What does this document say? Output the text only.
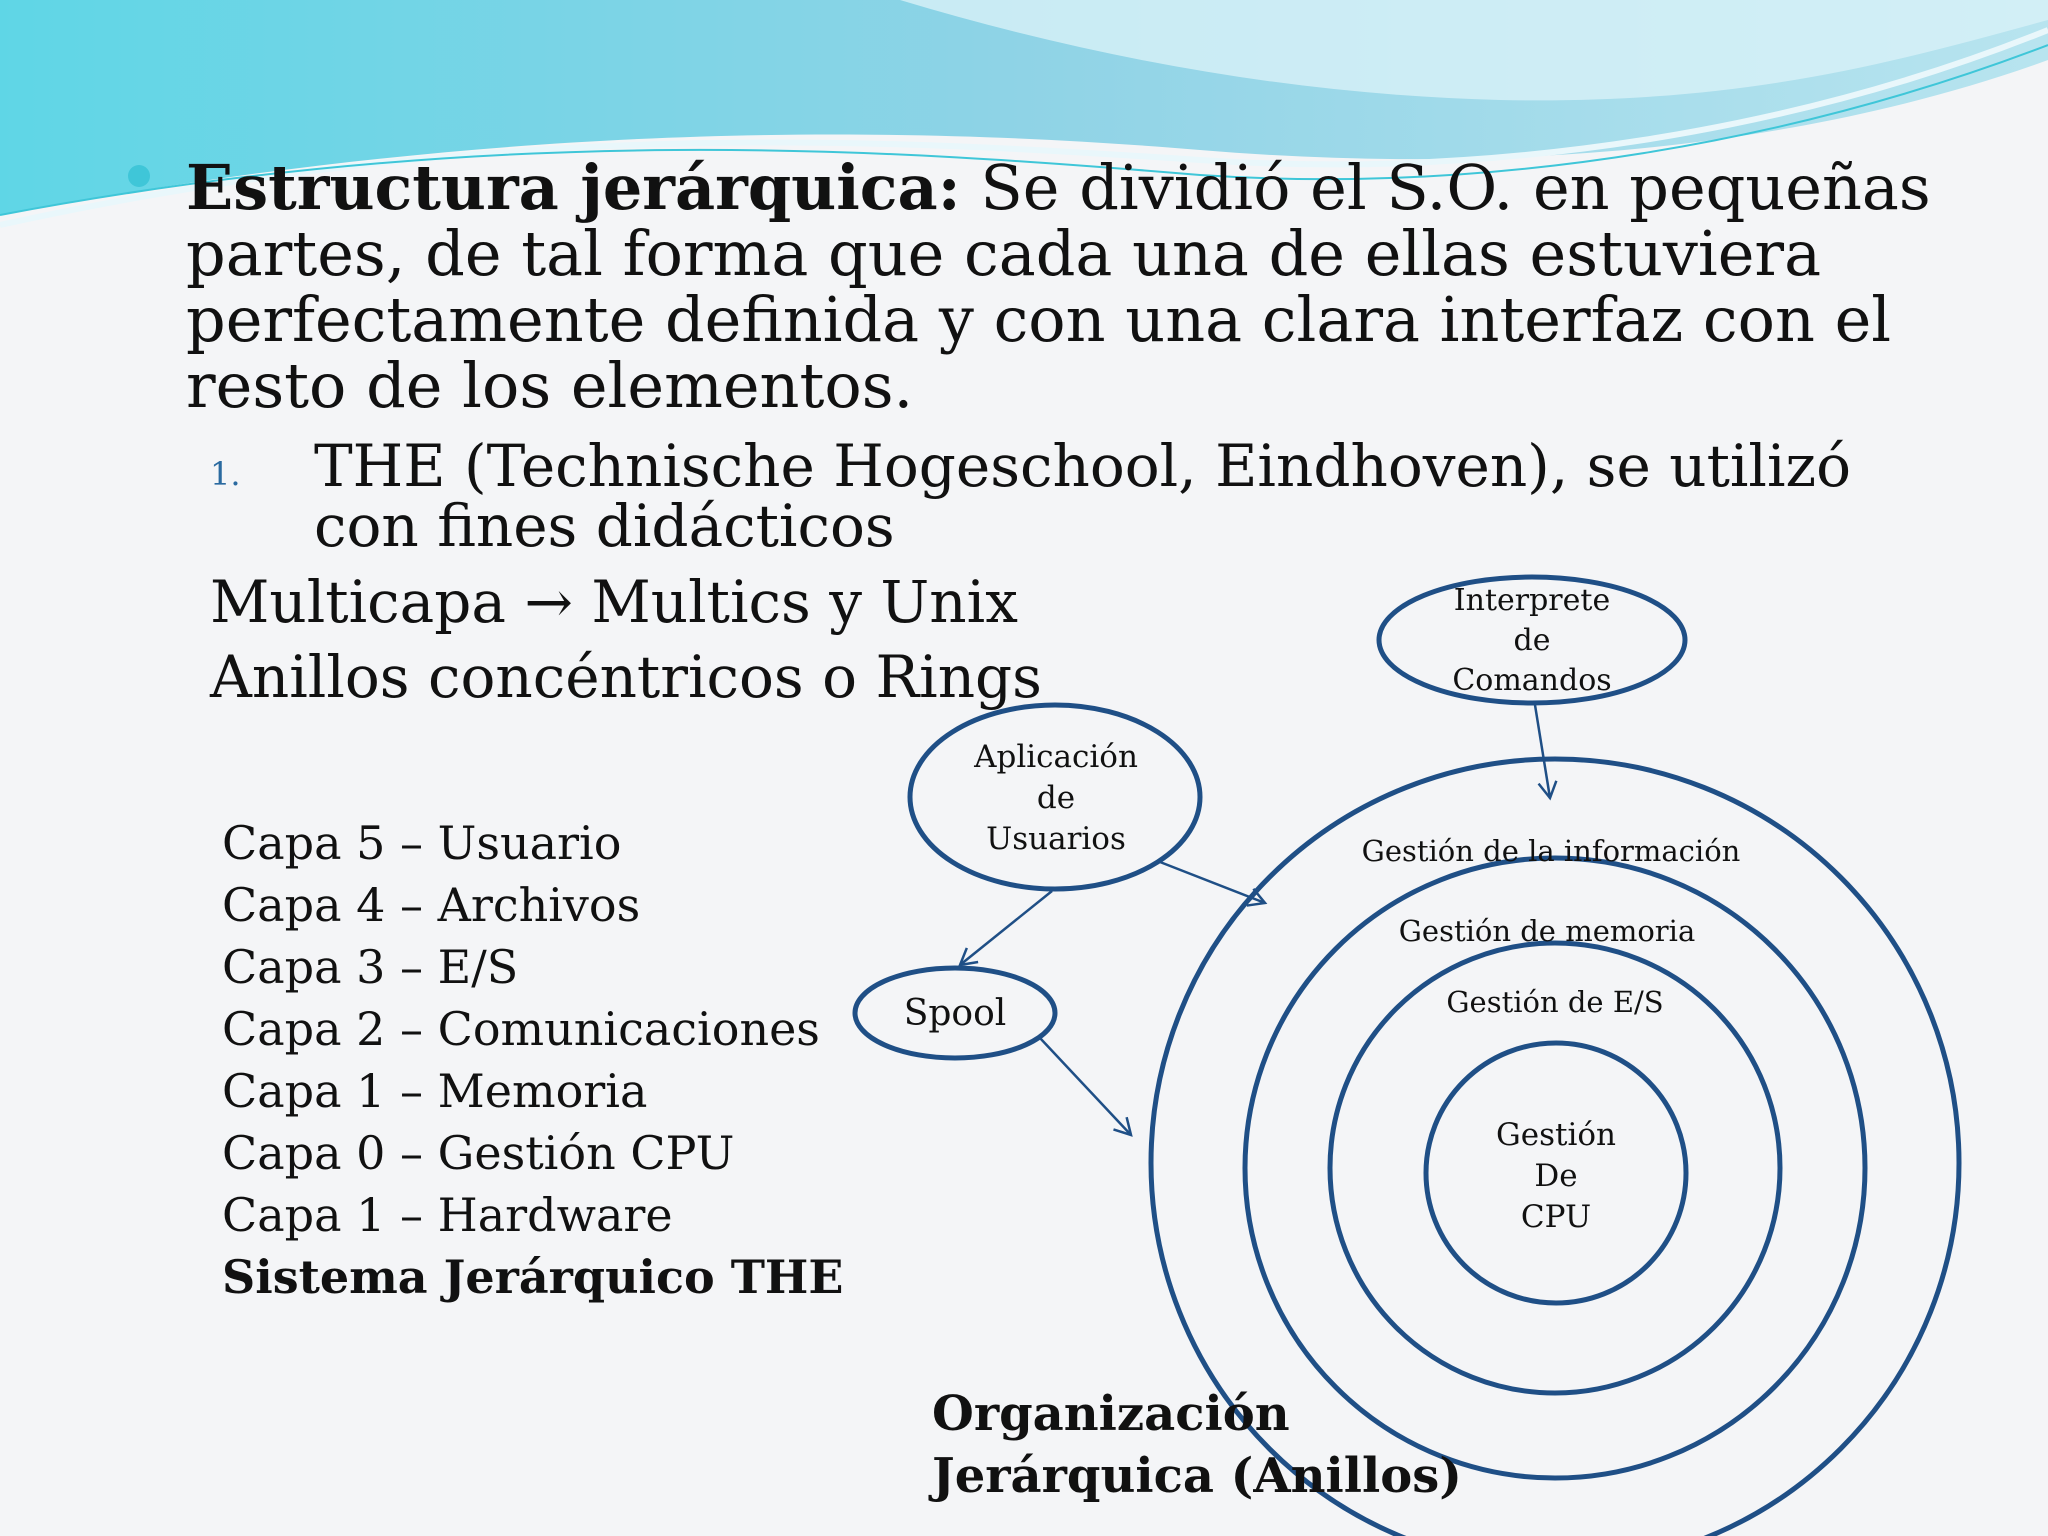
Estructura jerárquica: Se dividió el S.O. en pequeñas partes, de tal forma que cada una de ellas estuviera perfectamente definida y con una clara interfaz con el resto de los elementos.

1. THE (Technische Hogeschool, Eindhoven), se utilizó con fines didácticos
Multicapa → Multics y Unix
Anillos concéntricos o Rings
Capa 5 – Usuario
Capa 4 – Archivos
Capa 3 – E/S
Capa 2 – Comunicaciones
Capa 1 – Memoria
Capa 0 – Gestión CPU
Capa 1 – Hardware
Sistema Jerárquico THE
Interprete
de
Comandos
Aplicación
de
Usuarios
Spool
Gestión de la información
Gestión de memoria
Gestión de E/S
Gestión
De
CPU
Organización
Jerárquica (Anillos)
